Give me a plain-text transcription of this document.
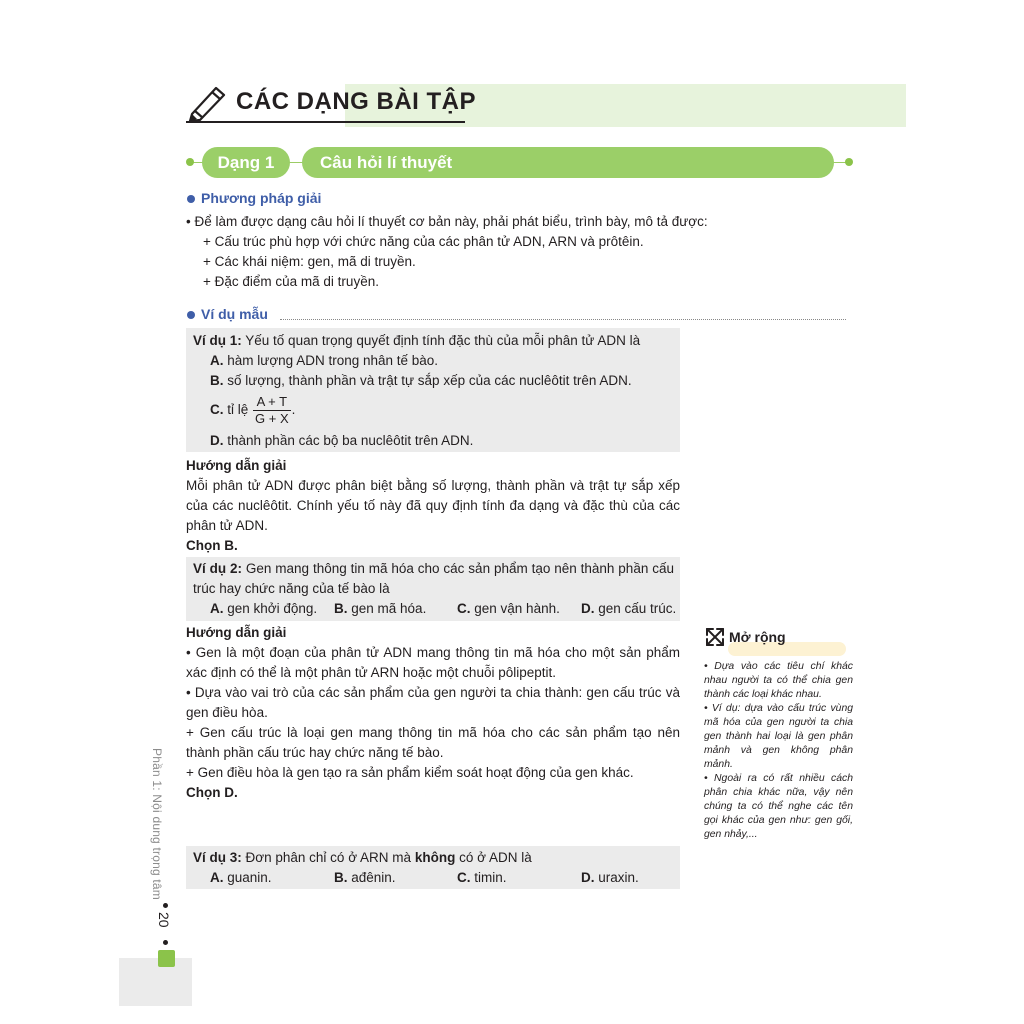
CÁC DẠNG BÀI TẬP
Dạng 1	Câu hỏi lí thuyết
Phương pháp giải
• Để làm được dạng câu hỏi lí thuyết cơ bản này, phải phát biểu, trình bày, mô tả được:
+ Cấu trúc phù hợp với chức năng của các phân tử ADN, ARN và prôtêin.
+ Các khái niệm: gen, mã di truyền.
+ Đặc điểm của mã di truyền.
Ví dụ mẫu
Ví dụ 1: Yếu tố quan trọng quyết định tính đặc thù của mỗi phân tử ADN là
A. hàm lượng ADN trong nhân tế bào.
B. số lượng, thành phần và trật tự sắp xếp của các nuclêôtit trên ADN.
C. tỉ lệ $\frac{A + T}{G + X}$ .
D. thành phần các bộ ba nuclêôtit trên ADN.
Hướng dẫn giải
Mỗi phân tử ADN được phân biệt bằng số lượng, thành phần và trật tự sắp xếp của các nuclêôtit. Chính yếu tố này đã quy định tính đa dạng và đặc thù của các phân tử ADN.
Chọn B.
Ví dụ 2: Gen mang thông tin mã hóa cho các sản phẩm tạo nên thành phần cấu trúc hay chức năng của tế bào là
A. gen khởi động. B. gen mã hóa. C. gen vận hành. D. gen cấu trúc.
Hướng dẫn giải
• Gen là một đoạn của phân tử ADN mang thông tin mã hóa cho một sản phẩm xác định có thể là một phân tử ARN hoặc một chuỗi pôlipeptit.
• Dựa vào vai trò của các sản phẩm của gen người ta chia thành: gen cấu trúc và gen điều hòa.
+ Gen cấu trúc là loại gen mang thông tin mã hóa cho các sản phẩm tạo nên thành phần cấu trúc hay chức năng tế bào.
+ Gen điều hòa là gen tạo ra sản phẩm kiểm soát hoạt động của gen khác.
Chọn D.
Ví dụ 3: Đơn phân chỉ có ở ARN mà không có ở ADN là
A. guanin.	B. ađênin.	C. timin.	D. uraxin.
Mở rộng
• Dựa vào các tiêu chí khác nhau người ta có thể chia gen thành các loại khác nhau.
• Ví dụ: dựa vào cấu trúc vùng mã hóa của gen người ta chia gen thành hai loại là gen phân mảnh và gen không phân mảnh.
• Ngoài ra có rất nhiều cách phân chia khác nữa, vậy nên chúng ta có thể nghe các tên gọi khác của gen như: gen gối, gen nhảy,...
Phần 1: Nội dung trọng tâm
20
